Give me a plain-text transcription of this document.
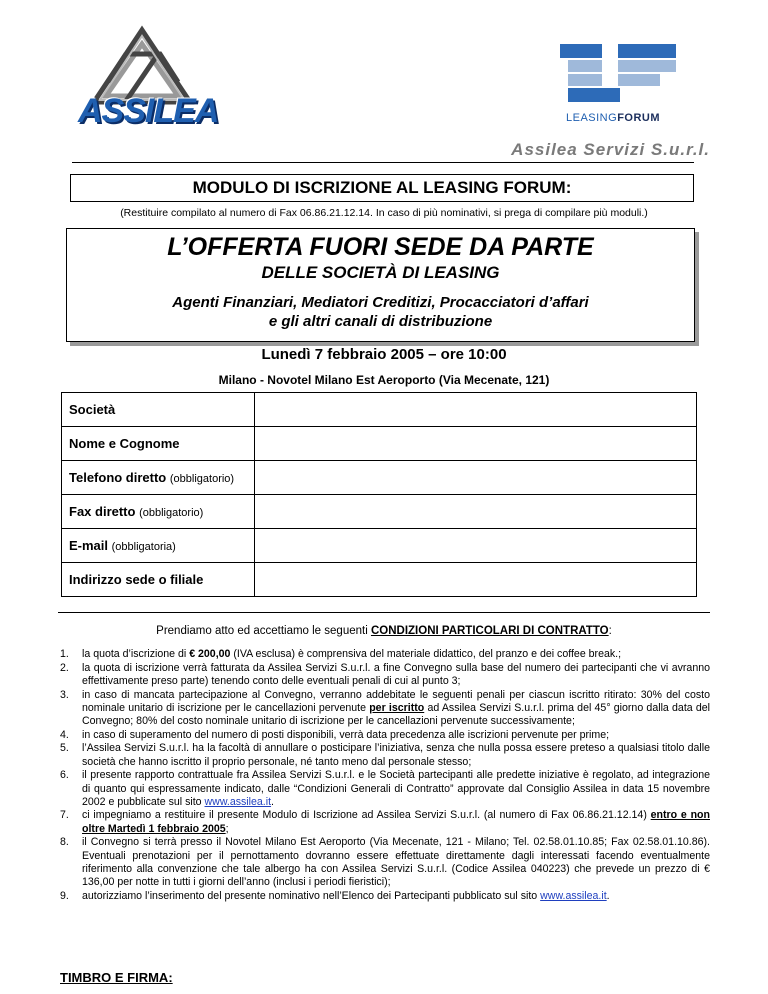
ASSILEA	LEASINGFORUM
Assilea Servizi S.u.r.l.
MODULO DI ISCRIZIONE AL LEASING FORUM:
(Restituire compilato al numero di Fax 06.86.21.12.14. In caso di più nominativi, si prega di compilare più moduli.)
L’OFFERTA FUORI SEDE DA PARTE
DELLE SOCIETÀ DI LEASING
Agenti Finanziari, Mediatori Creditizi, Procacciatori d’affari
e gli altri canali di distribuzione
Lunedì 7 febbraio 2005 – ore 10:00
Milano - Novotel Milano Est Aeroporto (Via Mecenate, 121)
Società	
Nome e Cognome	
Telefono diretto (obbligatorio)	
Fax diretto (obbligatorio)	
E-mail (obbligatoria)	
Indirizzo sede o filiale	
Prendiamo atto ed accettiamo le seguenti CONDIZIONI PARTICOLARI DI CONTRATTO:
1. la quota d’iscrizione di € 200,00 (IVA esclusa) è comprensiva del materiale didattico, del pranzo e dei coffee break.;
2. la quota di iscrizione verrà fatturata da Assilea Servizi S.u.r.l. a fine Convegno sulla base del numero dei partecipanti che vi avranno effettivamente preso parte) tenendo conto delle eventuali penali di cui al punto 3;
3. in caso di mancata partecipazione al Convegno, verranno addebitate le seguenti penali per ciascun iscritto ritirato: 30% del costo nominale unitario di iscrizione per le cancellazioni pervenute per iscritto ad Assilea Servizi S.u.r.l. prima del 45° giorno dalla data del Convegno; 80% del costo nominale unitario di iscrizione per le cancellazioni pervenute successivamente;
4. in caso di superamento del numero di posti disponibili, verrà data precedenza alle iscrizioni pervenute per prime;
5. l’Assilea Servizi S.u.r.l. ha la facoltà di annullare o posticipare l’iniziativa, senza che nulla possa essere preteso a qualsiasi titolo dalle società che hanno iscritto il proprio personale, né tanto meno dal personale stesso;
6. il presente rapporto contrattuale fra Assilea Servizi S.u.r.l. e le Società partecipanti alle predette iniziative è regolato, ad integrazione di quanto qui espressamente indicato, dalle “Condizioni Generali di Contratto” approvate dal Consiglio Assilea in data 15 novembre 2002 e pubblicate sul sito www.assilea.it.
7. ci impegniamo a restituire il presente Modulo di Iscrizione ad Assilea Servizi S.u.r.l. (al numero di Fax 06.86.21.12.14) entro e non oltre Martedì 1 febbraio 2005;
8. il Convegno si terrà presso il Novotel Milano Est Aeroporto (Via Mecenate, 121 - Milano; Tel. 02.58.01.10.85; Fax 02.58.01.10.86). Eventuali prenotazioni per il pernottamento dovranno essere effettuate direttamente dagli interessati facendo eventualmente riferimento alla convenzione che tale albergo ha con Assilea Servizi S.u.r.l. (Codice Assilea 040223) che prevede un prezzo di € 136,00 per notte in tutti i giorni dell’anno (inclusi i periodi fieristici);
9. autorizziamo l’inserimento del presente nominativo nell’Elenco dei Partecipanti pubblicato sul sito www.assilea.it.
TIMBRO E FIRMA:
